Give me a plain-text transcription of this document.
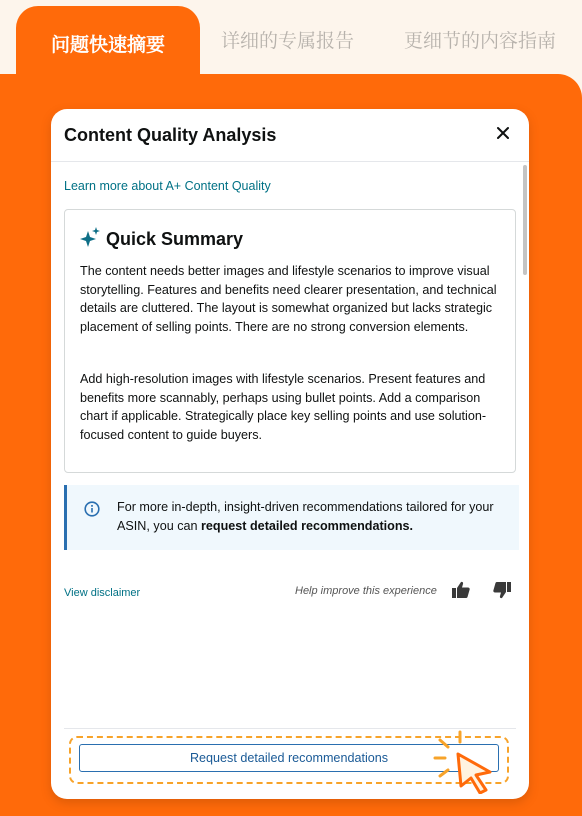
详细的专属报告	更细节的内容指南
问题快速摘要
Content Quality Analysis
Learn more about A+ Content Quality
Quick Summary

The content needs better images and lifestyle scenarios to improve visual storytelling. Features and benefits need clearer presentation, and technical details are cluttered. The layout is somewhat organized but lacks strategic placement of selling points. There are no strong conversion elements.

Add high-resolution images with lifestyle scenarios. Present features and benefits more scannably, perhaps using bullet points. Add a comparison chart if applicable. Strategically place key selling points and use solution-focused content to guide buyers.

For more in-depth, insight-driven recommendations tailored for your ASIN, you can request detailed recommendations.
View disclaimer	Help improve this experience
Request detailed recommendations
